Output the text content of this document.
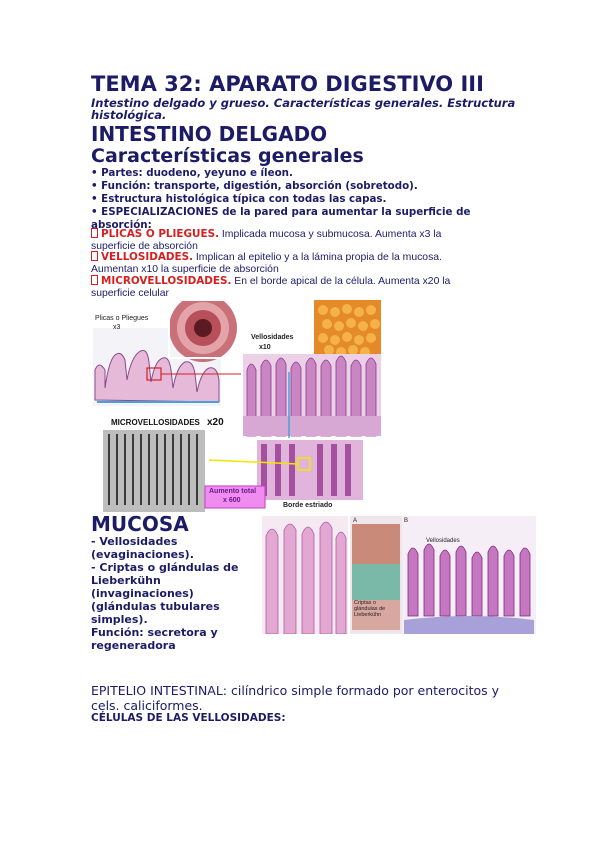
TEMA 32: APARATO DIGESTIVO III
Intestino delgado y grueso. Características generales. Estructura histológica.
INTESTINO DELGADO
Características generales
• Partes: duodeno, yeyuno e íleon.
• Función: transporte, digestión, absorción (sobretodo).
• Estructura histológica típica con todas las capas.
• ESPECIALIZACIONES de la pared para aumentar la superficie de absorción:
PLICAS O PLIEGUES. Implicada mucosa y submucosa. Aumenta x3 la superficie de absorción
VELLOSIDADES. Implican al epitelio y a la lámina propia de la mucosa. Aumentan x10 la superficie de absorción
MICROVELLOSIDADES. En el borde apical de la célula. Aumenta x20 la superficie celular
Plicas o Pliegues
x3
Vellosidades
x10
MICROVELLOSIDADES x20
Aumento total
x 600
Borde estriado
MUCOSA
- Vellosidades
(evaginaciones).
- Criptas o glándulas de
Lieberkühn
(invaginaciones)
(glándulas tubulares
simples).
Función: secretora y
regeneradora
A	B
Vellosidades
Criptas o glándulas de Lieberkühn
EPITELIO INTESTINAL: cilíndrico simple formado por enterocitos y cels. caliciformes.
CÉLULAS DE LAS VELLOSIDADES:
